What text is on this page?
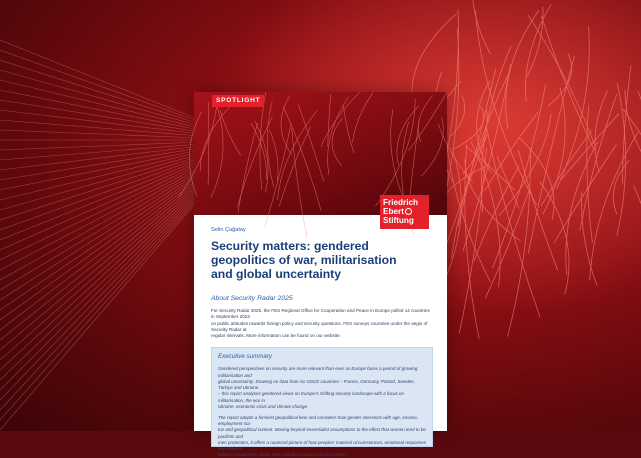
SPOTLIGHT
Friedrich
Ebert
Stiftung
Selin Çağatay
Security matters: gendered
geopolitics of war, militarisation
and global uncertainty
About Security Radar 2025
For Security Radar 2025, the FES Regional Office for Cooperation and Peace in Europe polled 14 countries in September 2024
on public attitudes towards foreign policy and security questions. FES surveys countries under the aegis of Security Radar at
regular intervals. More information can be found on our website.
Executive summary
Gendered perspectives on security are more relevant than ever as Europe faces a period of growing militarisation and
global uncertainty. Drawing on data from six OSCE countries – France, Germany, Poland, Sweden, Türkiye and Ukraine
– this report analyses gendered views on Europe's shifting security landscape with a focus on militarisation, the war in
Ukraine, economic crisis and climate change.
The report adopts a feminist geopolitical lens and considers how gender intersects with age, income, employment sta-
tus and geopolitical context. Moving beyond essentialist assumptions to the effect that women tend to be pacifists and
men protectors, it offers a nuanced picture of how peoples' material circumstances, emotional responses and national
political imaginaries shape their attitudes toward security matters.
